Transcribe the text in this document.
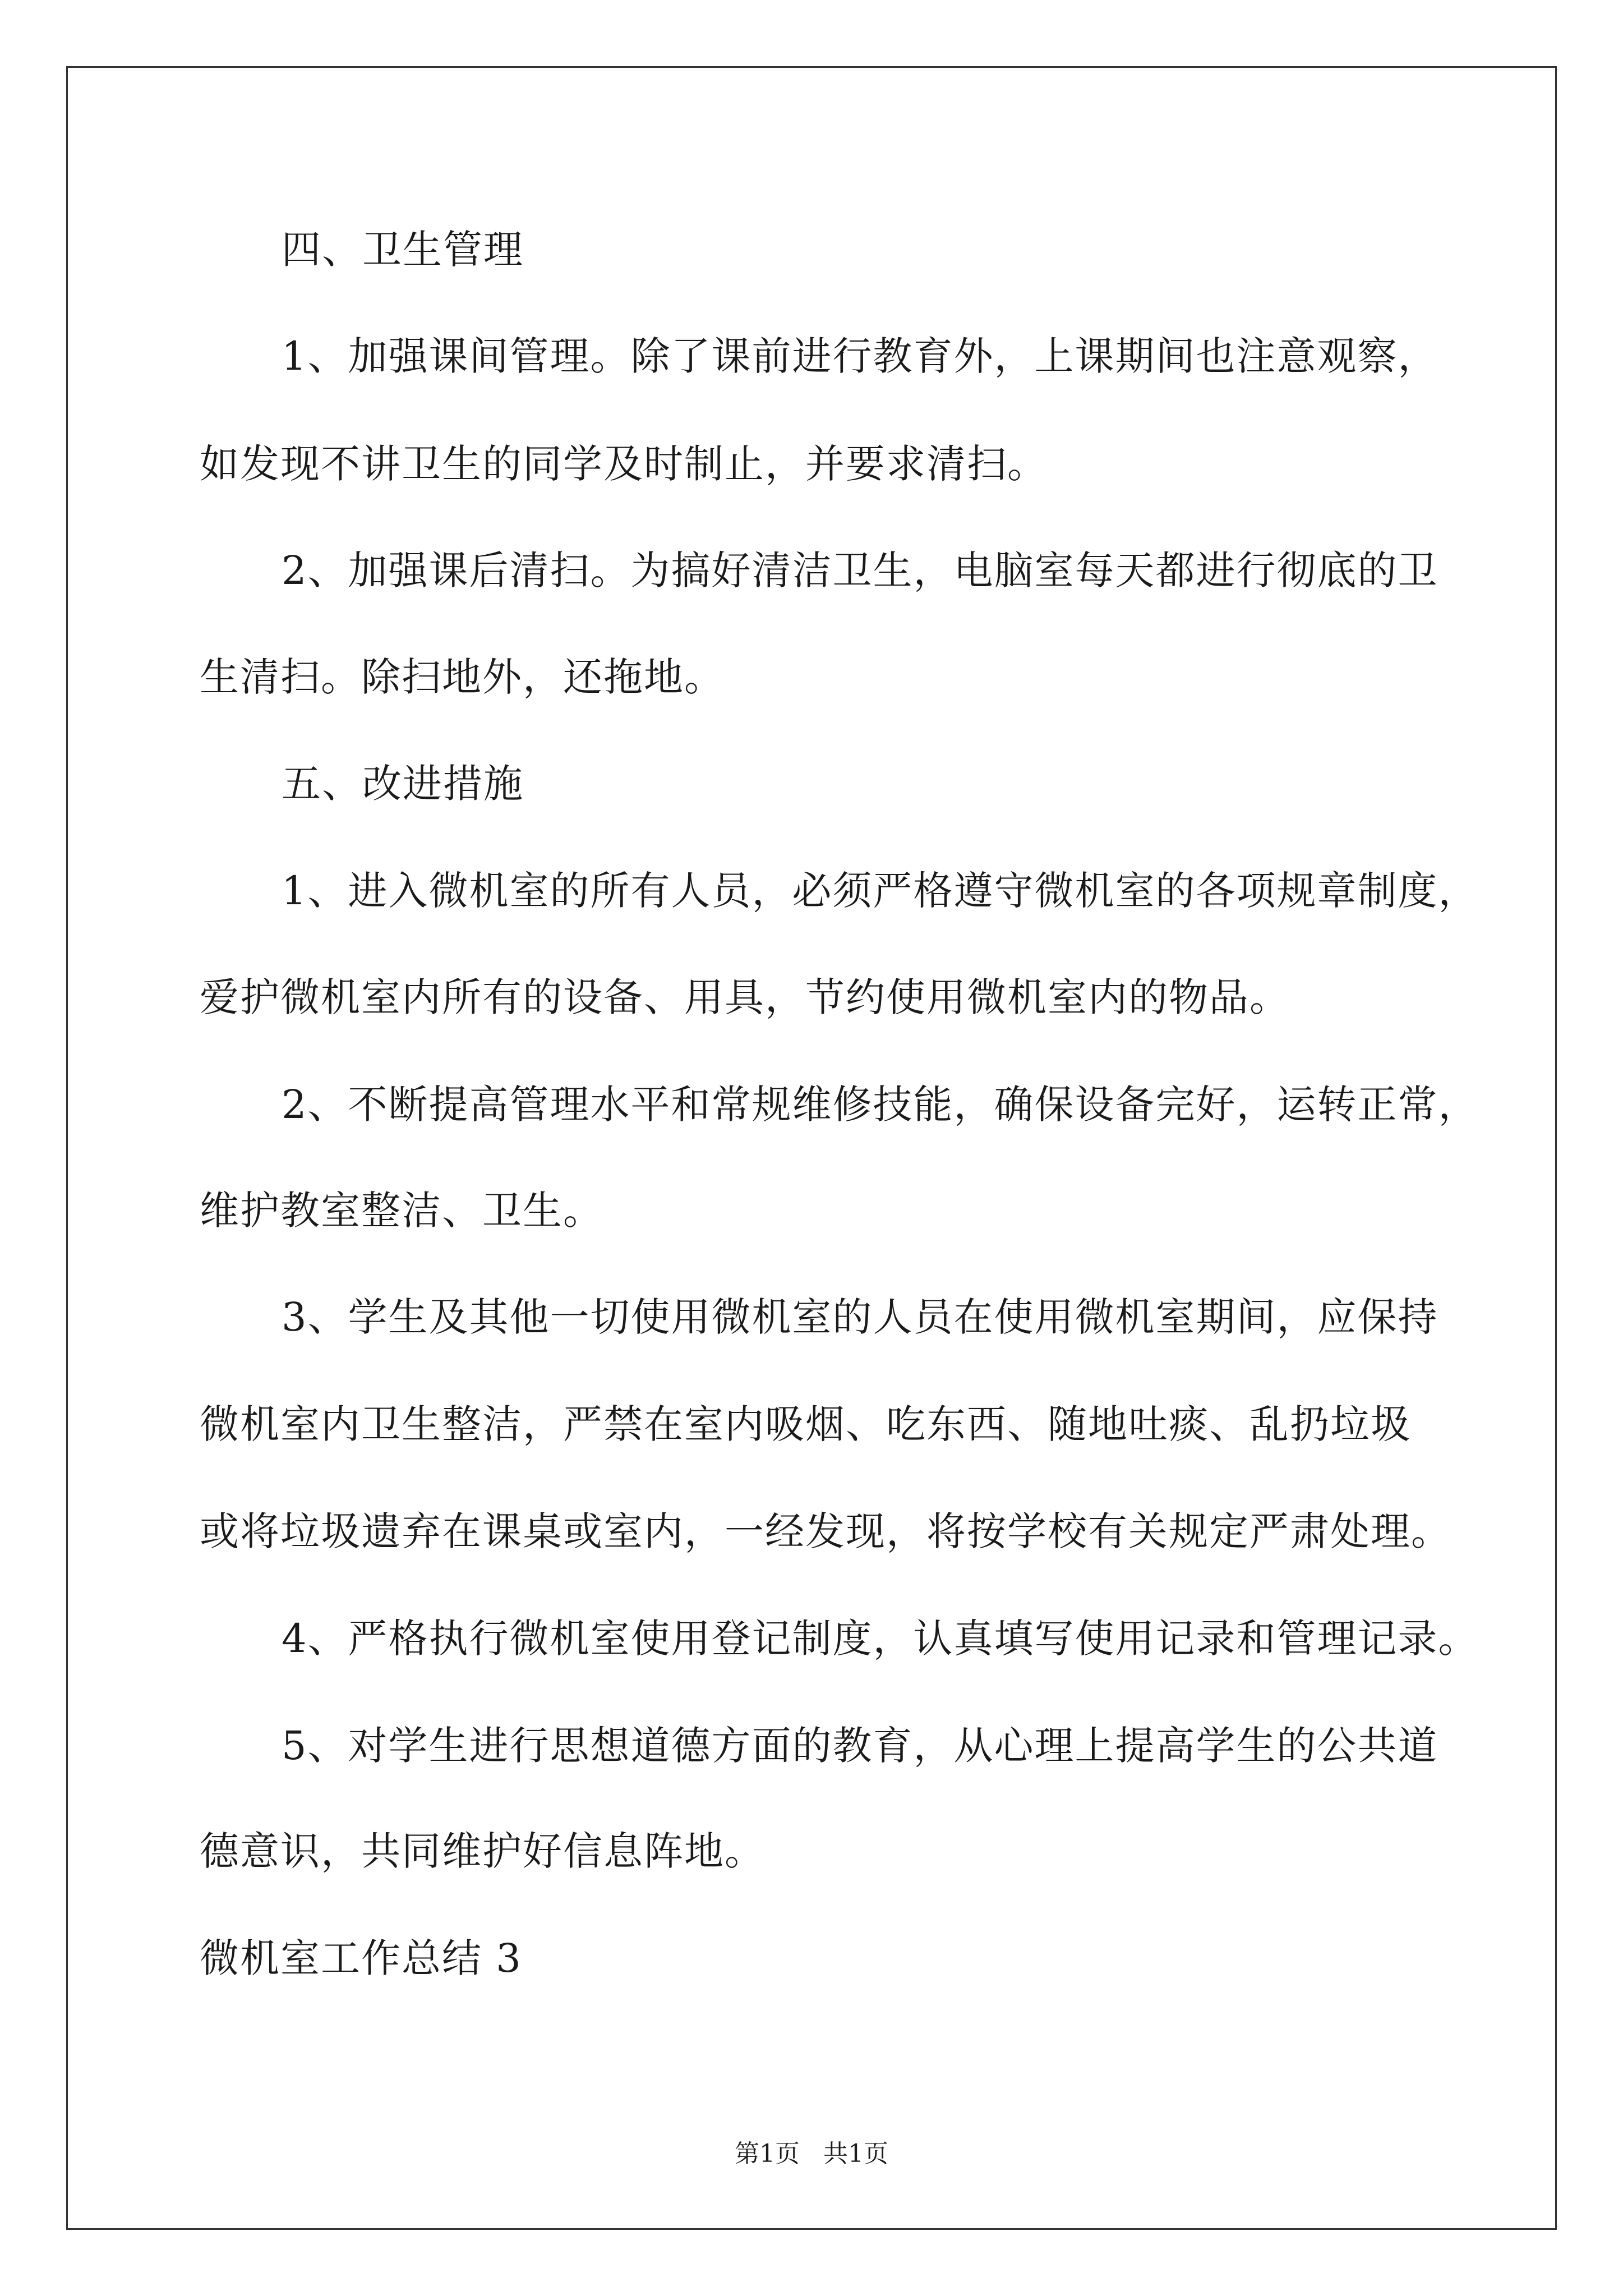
四、卫生管理
1、加强课间管理。除了课前进行教育外，上课期间也注意观察，
如发现不讲卫生的同学及时制止，并要求清扫。
2、加强课后清扫。为搞好清洁卫生，电脑室每天都进行彻底的卫
生清扫。除扫地外，还拖地。
五、改进措施
1、进入微机室的所有人员，必须严格遵守微机室的各项规章制度，
爱护微机室内所有的设备、用具，节约使用微机室内的物品。
2、不断提高管理水平和常规维修技能，确保设备完好，运转正常，
维护教室整洁、卫生。
3、学生及其他一切使用微机室的人员在使用微机室期间，应保持
微机室内卫生整洁，严禁在室内吸烟、吃东西、随地吐痰、乱扔垃圾
或将垃圾遗弃在课桌或室内，一经发现，将按学校有关规定严肃处理。
4、严格执行微机室使用登记制度，认真填写使用记录和管理记录。
5、对学生进行思想道德方面的教育，从心理上提高学生的公共道
德意识，共同维护好信息阵地。
微机室工作总结 3
第1页   共1页
